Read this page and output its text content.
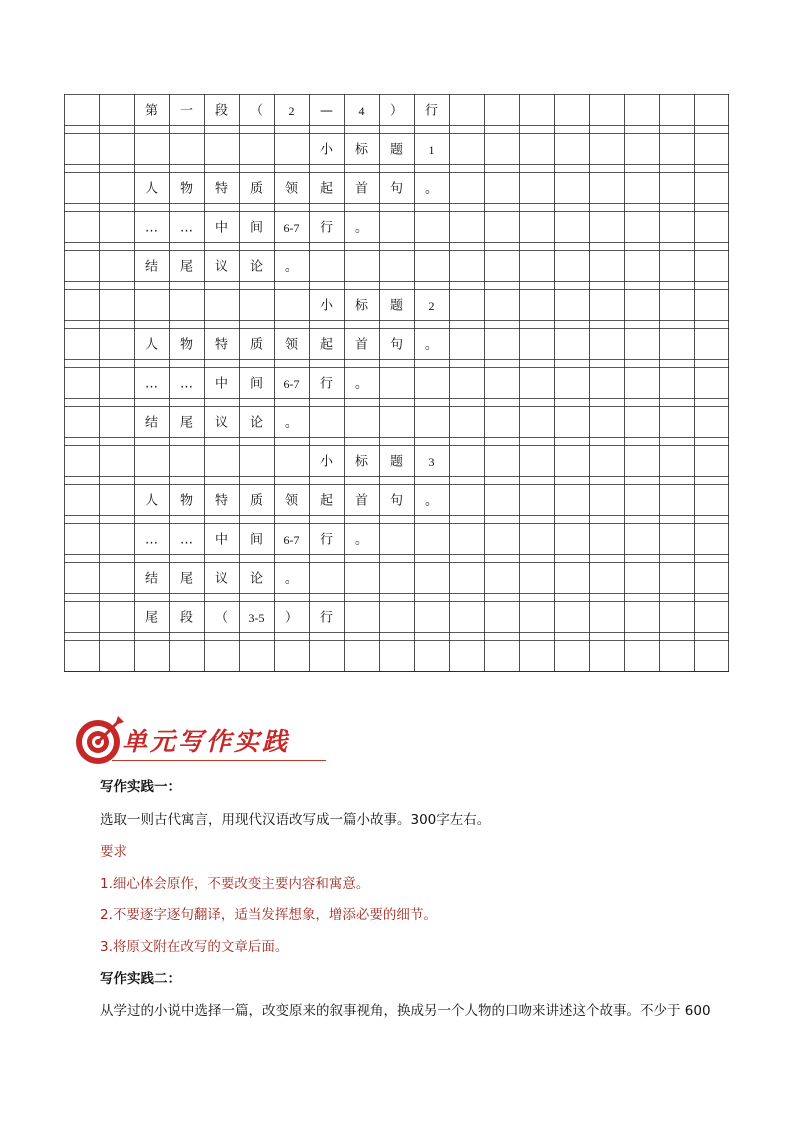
第 一 段 （ 2 — 4 ） 行
小 标 题 1
人 物 特 质 领 起 首 句 。
… … 中 间 6-7 行 。
结 尾 议 论 。
小 标 题 2
人 物 特 质 领 起 首 句 。
… … 中 间 6-7 行 。
结 尾 议 论 。
小 标 题 3
人 物 特 质 领 起 首 句 。
… … 中 间 6-7 行 。
结 尾 议 论 。
尾 段 （ 3-5 ） 行
单元写作实践
写作实践一：
选取一则古代寓言，用现代汉语改写成一篇小故事。300字左右。
要求
1.细心体会原作，不要改变主要内容和寓意。
2.不要逐字逐句翻译，适当发挥想象，增添必要的细节。
3.将原文附在改写的文章后面。
写作实践二：
从学过的小说中选择一篇，改变原来的叙事视角，换成另一个人物的口吻来讲述这个故事。不少于 600
